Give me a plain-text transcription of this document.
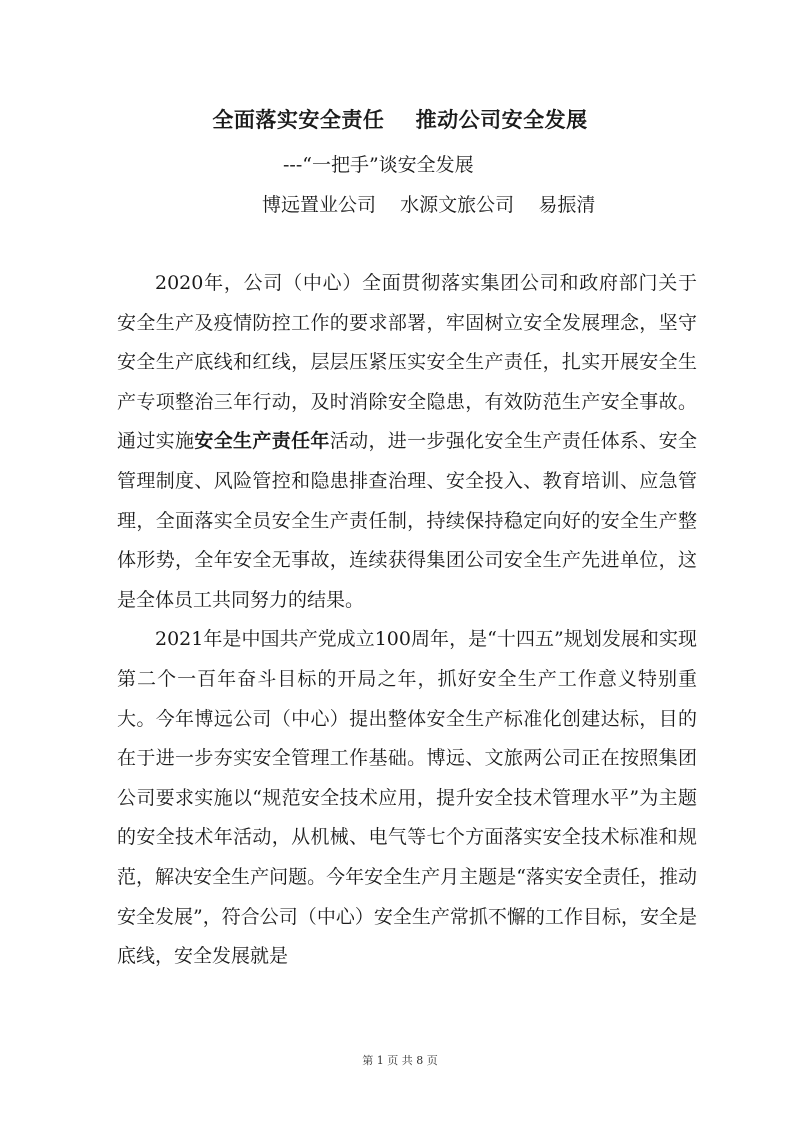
全面落实安全责任    推动公司安全发展
---“一把手”谈安全发展
博远置业公司    水源文旅公司    易振清

2020年，公司（中心）全面贯彻落实集团公司和政府部门关于安全生产及疫情防控工作的要求部署，牢固树立安全发展理念，坚守安全生产底线和红线，层层压紧压实安全生产责任，扎实开展安全生产专项整治三年行动，及时消除安全隐患，有效防范生产安全事故。通过实施安全生产责任年活动，进一步强化安全生产责任体系、安全管理制度、风险管控和隐患排查治理、安全投入、教育培训、应急管理，全面落实全员安全生产责任制，持续保持稳定向好的安全生产整体形势，全年安全无事故，连续获得集团公司安全生产先进单位，这是全体员工共同努力的结果。

2021年是中国共产党成立100周年，是“十四五”规划发展和实现第二个一百年奋斗目标的开局之年，抓好安全生产工作意义特别重大。今年博远公司（中心）提出整体安全生产标准化创建达标，目的在于进一步夯实安全管理工作基础。博远、文旅两公司正在按照集团公司要求实施以“规范安全技术应用，提升安全技术管理水平”为主题的安全技术年活动，从机械、电气等七个方面落实安全技术标准和规范，解决安全生产问题。今年安全生产月主题是“落实安全责任，推动安全发展”，符合公司（中心）安全生产常抓不懈的工作目标，安全是底线，安全发展就是

第 1 页 共 8 页
